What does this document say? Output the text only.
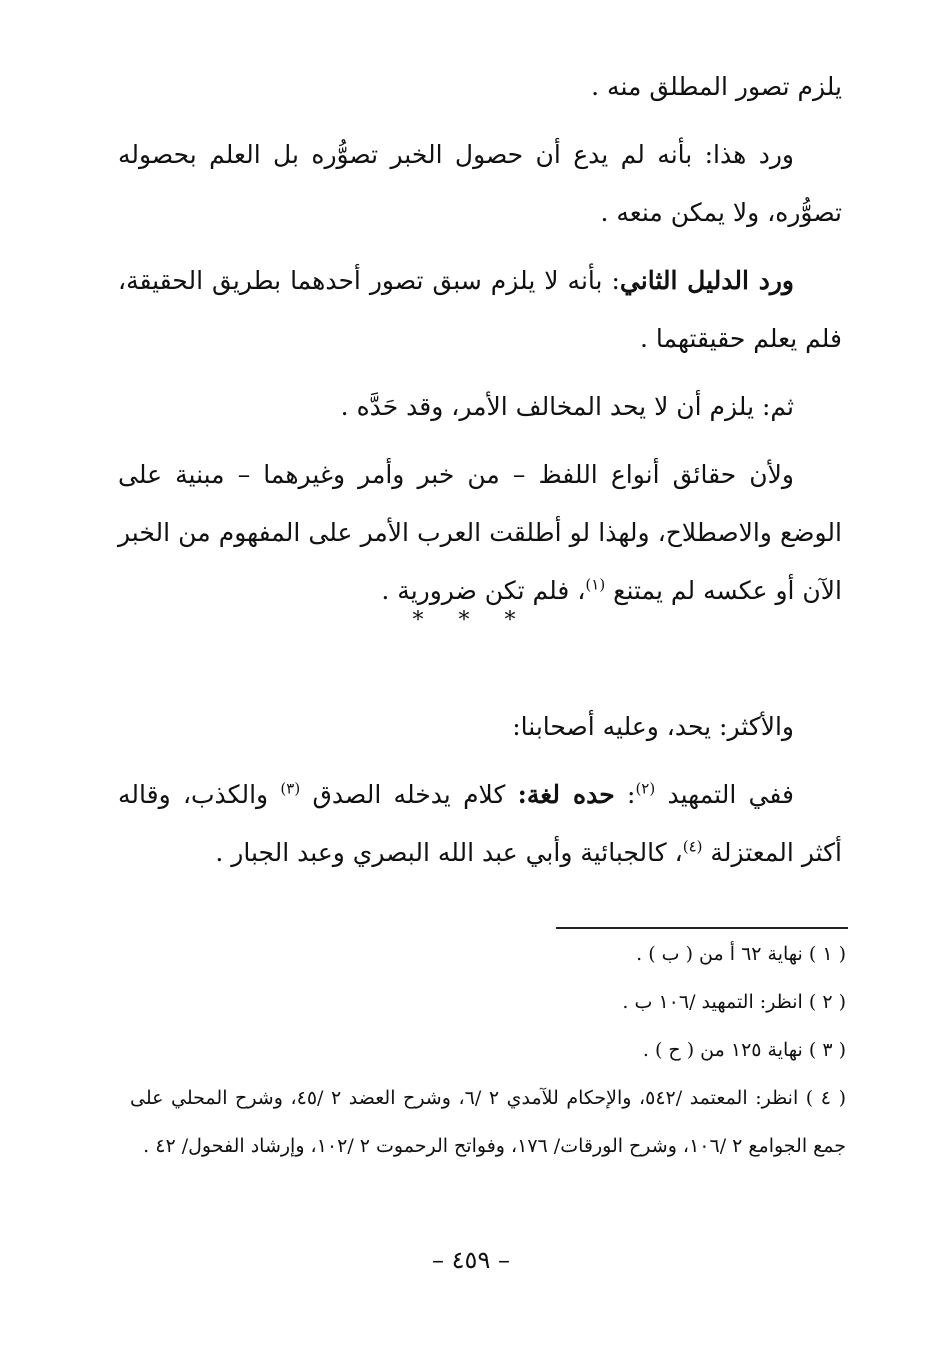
يلزم تصور المطلق منه .

ورد هذا: بأنه لم يدع أن حصول الخبر تصوُّره بل العلم بحصوله تصوُّره، ولا يمكن منعه .

ورد الدليل الثاني: بأنه لا يلزم سبق تصور أحدهما بطريق الحقيقة، فلم يعلم حقيقتهما .

ثم: يلزم أن لا يحد المخالف الأمر، وقد حَدَّه .

ولأن حقائق أنواع اللفظ – من خبر وأمر وغيرهما – مبنية على الوضع والاصطلاح، ولهذا لو أطلقت العرب الأمر على المفهوم من الخبر الآن أو عكسه لم يمتنع $^{(١)}$، فلم تكن ضرورية .

والأكثر: يحد، وعليه أصحابنا:

ففي التمهيد $^{(٢)}$: حده لغة: كلام يدخله الصدق $^{(٣)}$ والكذب، وقاله أكثر المعتزلة $^{(٤)}$، كالجبائية وأبي عبد الله البصري وعبد الجبار .

* * *

( ١ ) نهاية ٦٢ أ من ( ب ) .

( ٢ ) انظر: التمهيد /١٠٦ ب .

( ٣ ) نهاية ١٢٥ من ( ح ) .

( ٤ ) انظر: المعتمد /٥٤٢، والإحكام للآمدي ٢ /٦، وشرح العضد ٢ /٤٥، وشرح المحلي على جمع الجوامع ٢ /١٠٦، وشرح الورقات/ ١٧٦، وفواتح الرحموت ٢ /١٠٢، وإرشاد الفحول/ ٤٢ .

– ٤٥٩ –
